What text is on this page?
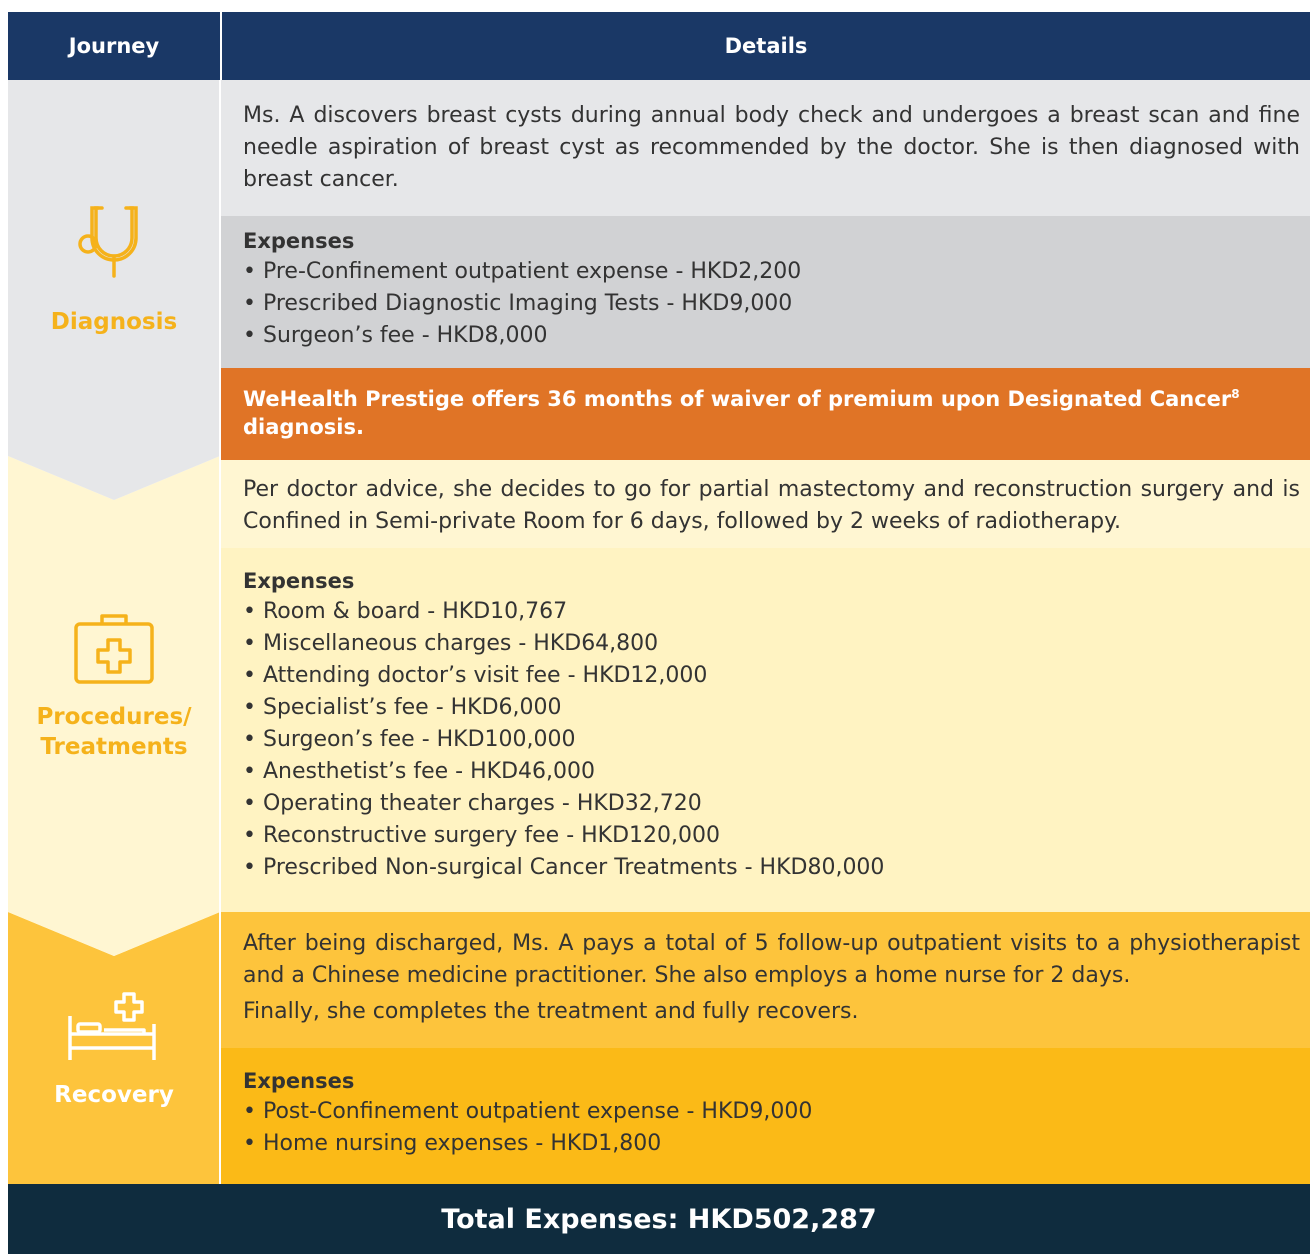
Journey	Details
Diagnosis

Ms. A discovers breast cysts during annual body check and undergoes a breast scan and fine needle aspiration of breast cyst as recommended by the doctor. She is then diagnosed with breast cancer.

Expenses

• Pre-Confinement outpatient expense - HKD2,200
• Prescribed Diagnostic Imaging Tests - HKD9,000
• Surgeon’s fee - HKD8,000
WeHealth Prestige offers 36 months of waiver of premium upon Designated Cancer$^8$ diagnosis.
Procedures/
Treatments

Per doctor advice, she decides to go for partial mastectomy and reconstruction surgery and is Confined in Semi-private Room for 6 days, followed by 2 weeks of radiotherapy.

Expenses

• Room & board - HKD10,767
• Miscellaneous charges - HKD64,800
• Attending doctor’s visit fee - HKD12,000
• Specialist’s fee - HKD6,000
• Surgeon’s fee - HKD100,000
• Anesthetist’s fee - HKD46,000
• Operating theater charges - HKD32,720
• Reconstructive surgery fee - HKD120,000
• Prescribed Non-surgical Cancer Treatments - HKD80,000
Recovery

After being discharged, Ms. A pays a total of 5 follow-up outpatient visits to a physiotherapist and a Chinese medicine practitioner. She also employs a home nurse for 2 days.

Finally, she completes the treatment and fully recovers.

Expenses

• Post-Confinement outpatient expense - HKD9,000
• Home nursing expenses - HKD1,800
Total Expenses: HKD502,287
